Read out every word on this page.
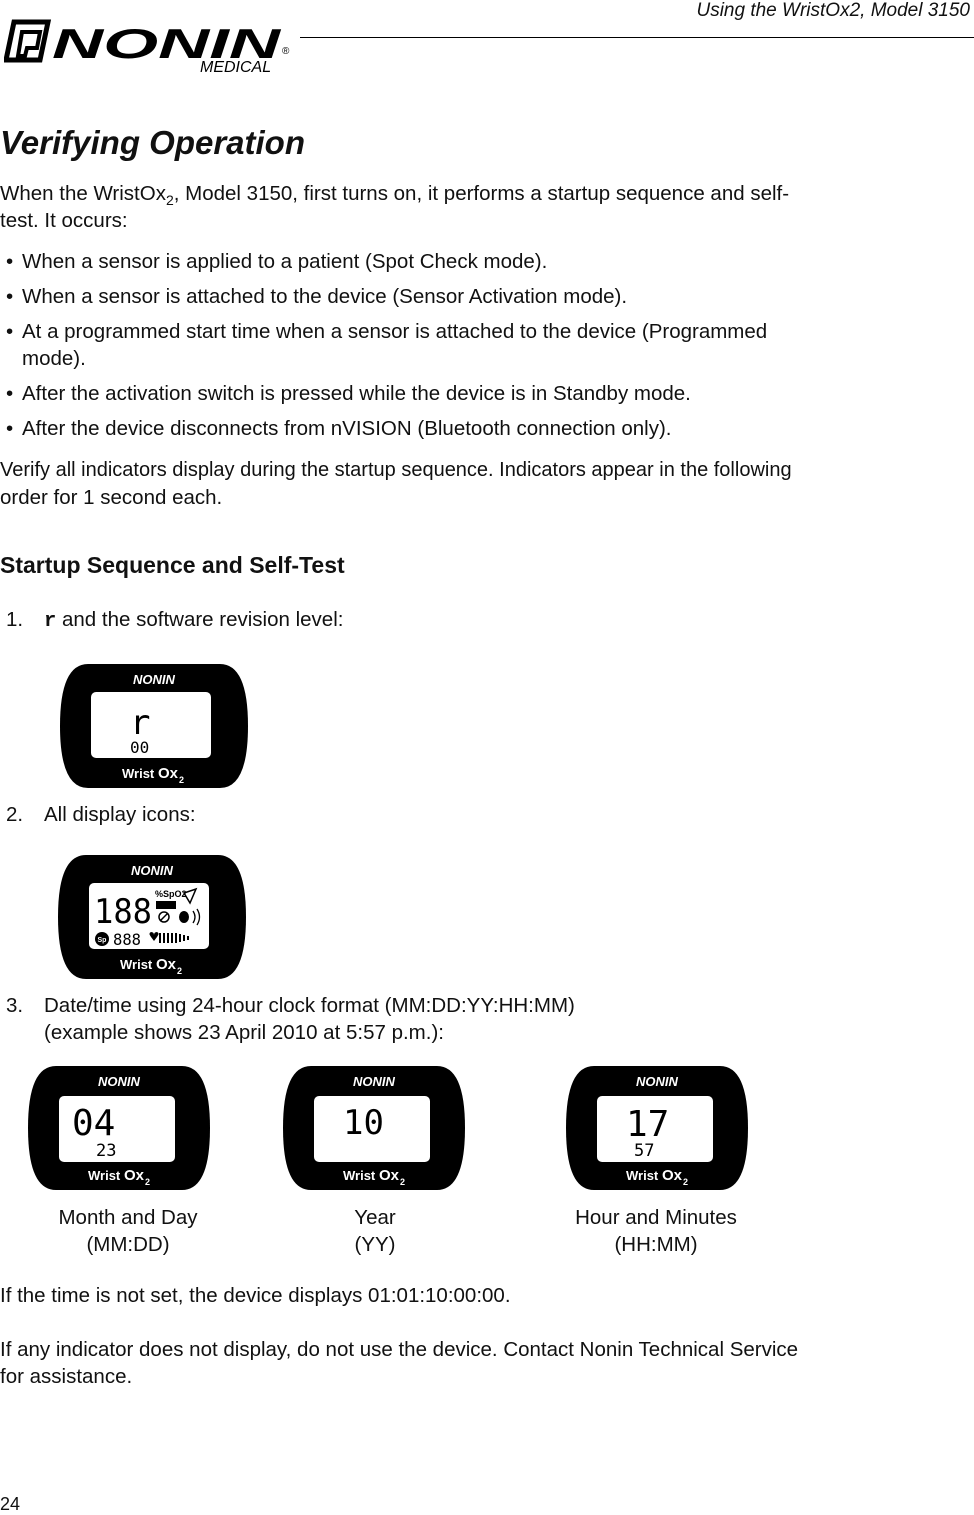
NONIN ®
MEDICAL
Using the WristOx2, Model 3150
Verifying Operation

When the WristOx$_2$, Model 3150, first turns on, it performs a startup sequence and self-

test. It occurs:

• When a sensor is applied to a patient (Spot Check mode).
• When a sensor is attached to the device (Sensor Activation mode).
• At a programmed start time when a sensor is attached to the device (Programmed
mode).
• After the activation switch is pressed while the device is in Standby mode.
• After the device disconnects from nVISION (Bluetooth connection only).

Verify all indicators display during the startup sequence. Indicators appear in the following

order for 1 second each.

Startup Sequence and Self-Test
1. r and the software revision level:
NONIN
r
00
Wrist Ox 2
2. All display icons:
NONIN
188 %SpO2
Sp 888
Wrist Ox 2
3. Date/time using 24-hour clock format (MM:DD:YY:HH:MM)
(example shows 23 April 2010 at 5:57 p.m.):
NONIN
04
23
Wrist Ox 2
NONIN
10
Wrist Ox 2
NONIN
17
57
Wrist Ox 2
Month and Day
(MM:DD)
Year
(YY)
Hour and Minutes
(HH:MM)

If the time is not set, the device displays 01:01:10:00:00.

If any indicator does not display, do not use the device. Contact Nonin Technical Service

for assistance.

24
